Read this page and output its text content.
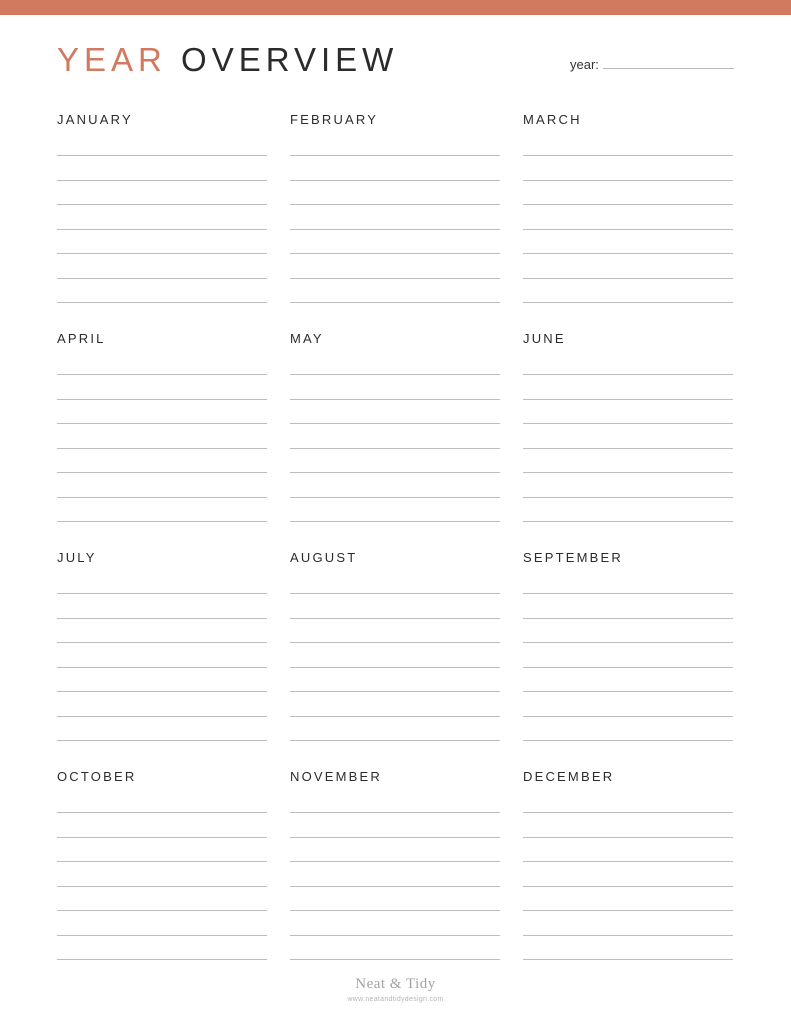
YEAR OVERVIEW	year:
JANUARY	FEBRUARY	MARCH
APRIL	MAY	JUNE
JULY	AUGUST	SEPTEMBER
OCTOBER	NOVEMBER	DECEMBER
Neat & Tidy
www.neatandtidydesign.com
